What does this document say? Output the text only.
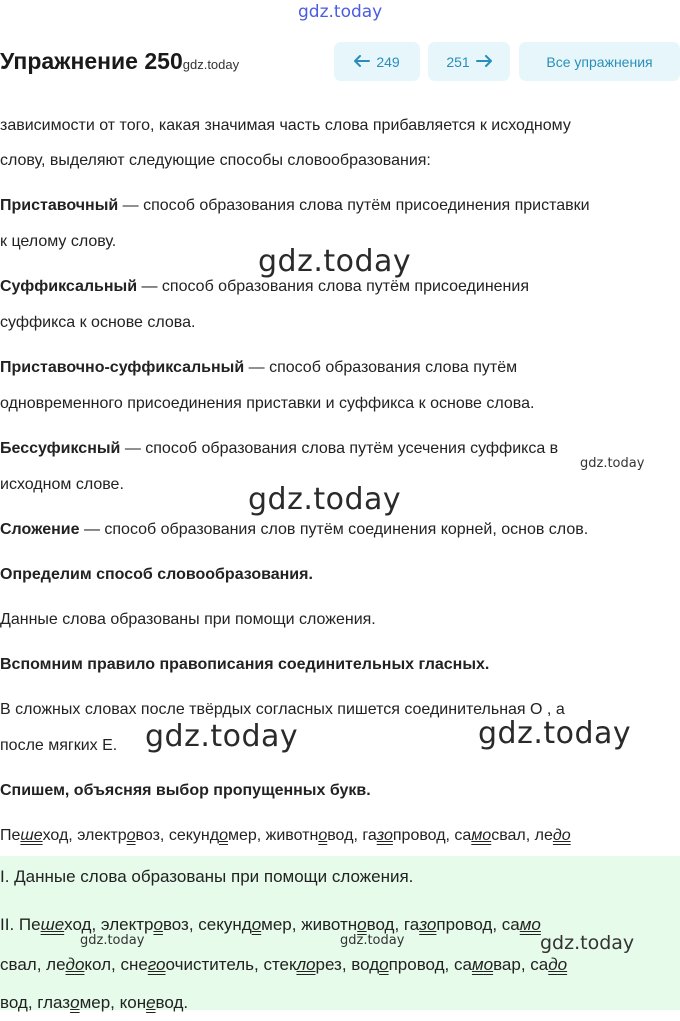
gdz.today
gdz.today
gdz.today
gdz.today	gdz.today
gdz.today
Упражнение 250gdz.today	249	251	Все упражнения
зависимости от того, какая значимая часть слова прибавляется к исходному
слову, выделяют следующие способы словообразования:
Приставочный — способ образования слова путём присоединения приставки
к целому слову.
Суффиксальный — способ образования слова путём присоединения
суффикса к основе слова.
Приставочно-суффиксальный — способ образования слова путём
одновременного присоединения приставки и суффикса к основе слова.
Бессуфиксный — способ образования слова путём усечения суффикса в
исходном слове.
Сложение — способ образования слов путём соединения корней, основ слов.
Определим способ словообразования.
Данные слова образованы при помощи сложения.
Вспомним правило правописания соединительных гласных.
В сложных словах после твёрдых согласных пишется соединительная О , а
после мягких Е.
Спишем, объясняя выбор пропущенных букв.
Пешеход, электровоз, секундомер, животновод, газопровод, самосвал, ледо
I. Данные слова образованы при помощи сложения.
II. Пешеход, электровоз, секундомер, животновод, газопровод, само
свал, ледокол, снегоочиститель, стеклорез, водопровод, самовар, садо
вод, глазомер, коневод.
gdz.today	gdz.today	gdz.today
